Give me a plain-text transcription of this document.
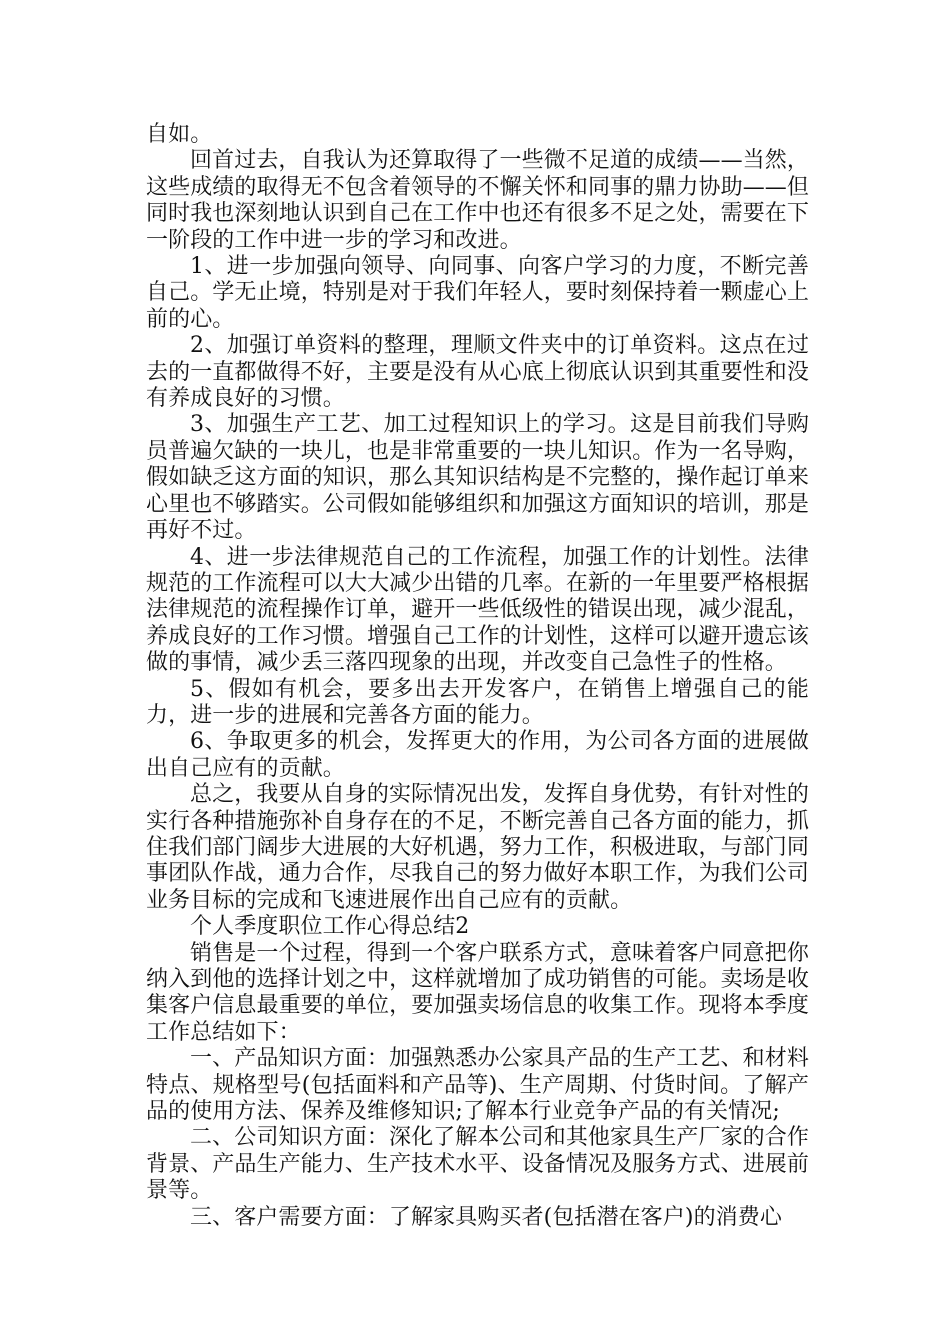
自如。

回首过去，自我认为还算取得了一些微不足道的成绩——当然，这些成绩的取得无不包含着领导的不懈关怀和同事的鼎力协助——但同时我也深刻地认识到自己在工作中也还有很多不足之处，需要在下一阶段的工作中进一步的学习和改进。

1、进一步加强向领导、向同事、向客户学习的力度，不断完善自己。学无止境，特别是对于我们年轻人，要时刻保持着一颗虚心上前的心。

2、加强订单资料的整理，理顺文件夹中的订单资料。这点在过去的一直都做得不好，主要是没有从心底上彻底认识到其重要性和没有养成良好的习惯。

3、加强生产工艺、加工过程知识上的学习。这是目前我们导购员普遍欠缺的一块儿，也是非常重要的一块儿知识。作为一名导购，假如缺乏这方面的知识，那么其知识结构是不完整的，操作起订单来心里也不够踏实。公司假如能够组织和加强这方面知识的培训，那是再好不过。

4、进一步法律规范自己的工作流程，加强工作的计划性。法律规范的工作流程可以大大减少出错的几率。在新的一年里要严格根据法律规范的流程操作订单，避开一些低级性的错误出现，减少混乱，养成良好的工作习惯。增强自己工作的计划性，这样可以避开遗忘该做的事情，减少丢三落四现象的出现，并改变自己急性子的性格。

5、假如有机会，要多出去开发客户，在销售上增强自己的能力，进一步的进展和完善各方面的能力。

6、争取更多的机会，发挥更大的作用，为公司各方面的进展做出自己应有的贡献。

总之，我要从自身的实际情况出发，发挥自身优势，有针对性的实行各种措施弥补自身存在的不足，不断完善自己各方面的能力，抓住我们部门阔步大进展的大好机遇，努力工作，积极进取，与部门同事团队作战，通力合作，尽我自己的努力做好本职工作，为我们公司业务目标的完成和飞速进展作出自己应有的贡献。

个人季度职位工作心得总结2

销售是一个过程，得到一个客户联系方式，意味着客户同意把你纳入到他的选择计划之中，这样就增加了成功销售的可能。卖场是收集客户信息最重要的单位，要加强卖场信息的收集工作。现将本季度工作总结如下：

一、产品知识方面：加强熟悉办公家具产品的生产工艺、和材料特点、规格型号(包括面料和产品等)、生产周期、付货时间。了解产品的使用方法、保养及维修知识;了解本行业竞争产品的有关情况;

二、公司知识方面：深化了解本公司和其他家具生产厂家的合作背景、产品生产能力、生产技术水平、设备情况及服务方式、进展前景等。

三、客户需要方面：了解家具购买者(包括潜在客户)的消费心
